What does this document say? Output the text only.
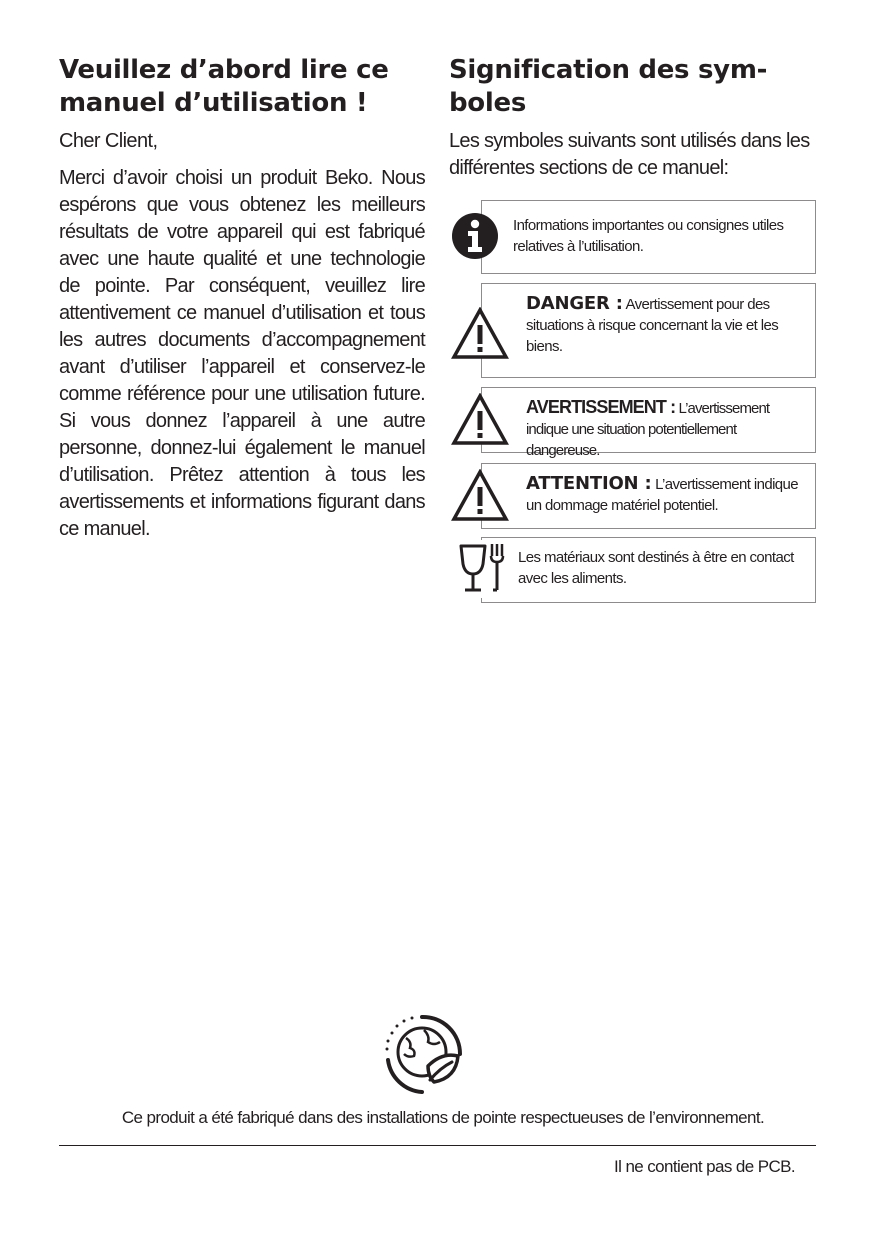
Veuillez d’abord lire ce
manuel d’utilisation !

Cher Client,

Merci d’avoir choisi un produit Beko. Nous espérons que vous obtenez les meilleurs résultats de votre appareil qui est fabriqué avec une haute qualité et une technologie de pointe. Par conséquent, veuillez lire attentivement ce manuel d’utilisation et tous les autres documents d’accompagnement avant d’utiliser l’appareil et conservez-le comme référence pour une utilisation future. Si vous donnez l’appareil à une autre personne, donnez-lui également le manuel d’utilisation. Prêtez attention à tous les avertissements et informations figurant dans ce manuel.

Signification des sym-
boles

Les symboles suivants sont utilisés dans les différentes sections de ce manuel:

Informations importantes ou consignes utiles relatives à l’utilisation.
DANGER : Avertissement pour des situations à risque concernant la vie et les biens.
AVERTISSEMENT : L’avertissement indique une situation potentiellement dangereuse.
ATTENTION : L’avertissement indique un dommage matériel potentiel.
Les matériaux sont destinés à être en contact avec les aliments.
Ce produit a été fabriqué dans des installations de pointe respectueuses de l’environnement.
Il ne contient pas de PCB.
